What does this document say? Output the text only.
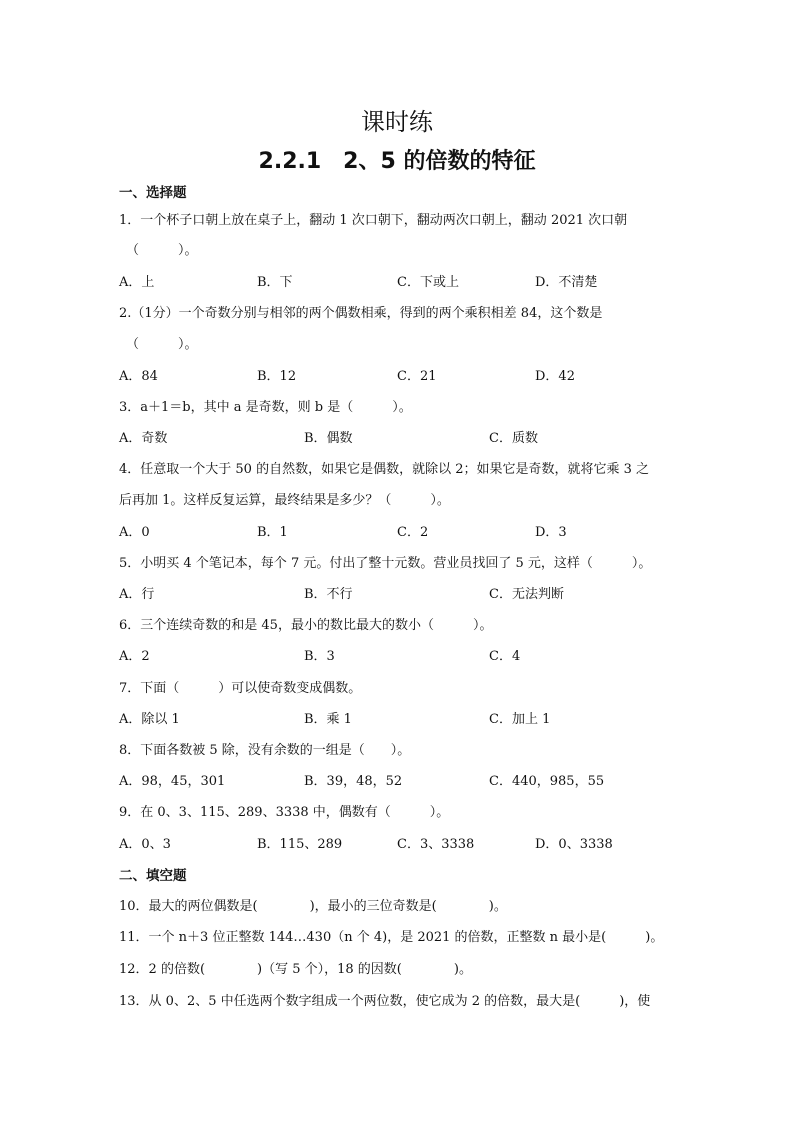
课时练
2.2.1　2、5 的倍数的特征
一、选择题
1．一个杯子口朝上放在桌子上，翻动 1 次口朝下，翻动两次口朝上，翻动 2021 次口朝
（　　　）。
A．上	B．下	C．下或上	D．不清楚
2.（1分）一个奇数分别与相邻的两个偶数相乘，得到的两个乘积相差 84，这个数是
（　　　）。
A．84	B．12	C．21	D．42
3．a＋1＝b，其中 a 是奇数，则 b 是（　　　）。
A．奇数	B．偶数	C．质数
4．任意取一个大于 50 的自然数，如果它是偶数，就除以 2；如果它是奇数，就将它乘 3 之
后再加 1。这样反复运算，最终结果是多少？（　　　）。
A．0	B．1	C．2	D．3
5．小明买 4 个笔记本，每个 7 元。付出了整十元数。营业员找回了 5 元，这样（　　　）。
A．行	B．不行	C．无法判断
6．三个连续奇数的和是 45，最小的数比最大的数小（　　　）。
A．2	B．3	C．4
7．下面（　　　）可以使奇数变成偶数。
A．除以 1	B．乘 1	C．加上 1
8．下面各数被 5 除，没有余数的一组是（　　）。
A．98，45，301	B．39，48，52	C．440，985，55
9．在 0、3、115、289、3338 中，偶数有（　　　）。
A．0、3	B．115、289	C．3、3338	D．0、3338
二、填空题
10．最大的两位偶数是(　　　　)，最小的三位奇数是(　　　　)。
11．一个 n＋3 位正整数 144…430（n 个 4)，是 2021 的倍数，正整数 n 最小是(　　　)。
12．2 的倍数(　　　　)（写 5 个），18 的因数(　　　　)。
13．从 0、2、5 中任选两个数字组成一个两位数，使它成为 2 的倍数，最大是(　　　)，使
